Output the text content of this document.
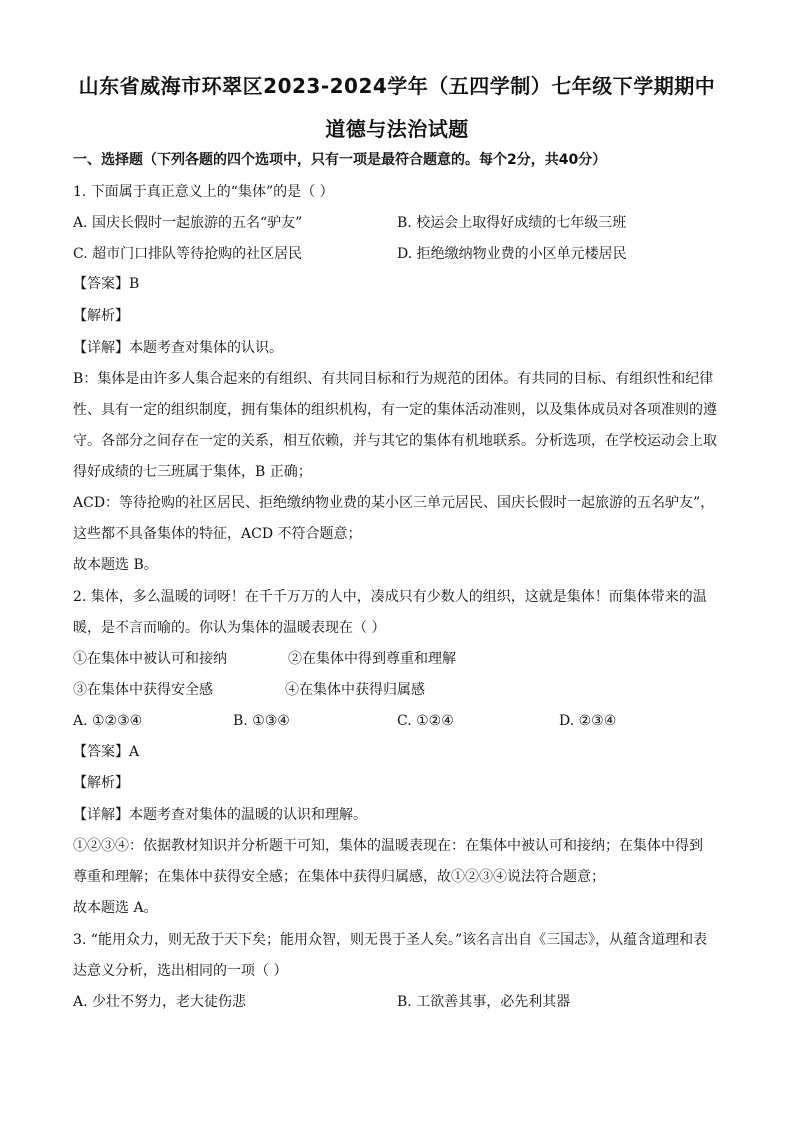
山东省威海市环翠区2023-2024学年（五四学制）七年级下学期期中
道德与法治试题
一、选择题（下列各题的四个选项中，只有一项是最符合题意的。每个2分，共40分）
1. 下面属于真正意义上的“集体”的是（ ）
A. 国庆长假时一起旅游的五名“驴友”	B. 校运会上取得好成绩的七年级三班
C. 超市门口排队等待抢购的社区居民	D. 拒绝缴纳物业费的小区单元楼居民
【答案】B
【解析】
【详解】本题考查对集体的认识。
B：集体是由许多人集合起来的有组织、有共同目标和行为规范的团体。有共同的目标、有组织性和纪律
性、具有一定的组织制度，拥有集体的组织机构，有一定的集体活动准则，以及集体成员对各项准则的遵
守。各部分之间存在一定的关系，相互依赖，并与其它的集体有机地联系。分析选项，在学校运动会上取
得好成绩的七三班属于集体，B 正确；
ACD：等待抢购的社区居民、拒绝缴纳物业费的某小区三单元居民、国庆长假时一起旅游的五名驴友”，
这些都不具备集体的特征，ACD 不符合题意；
故本题选 B。
2. 集体，多么温暖的词呀！在千千万万的人中，凑成只有少数人的组织，这就是集体！而集体带来的温
暖，是不言而喻的。你认为集体的温暖表现在（ ）
①在集体中被认可和接纳	②在集体中得到尊重和理解
③在集体中获得安全感	④在集体中获得归属感
A. ①②③④	B. ①③④	C. ①②④	D. ②③④
【答案】A
【解析】
【详解】本题考查对集体的温暖的认识和理解。
①②③④：依据教材知识并分析题干可知，集体的温暖表现在：在集体中被认可和接纳；在集体中得到
尊重和理解；在集体中获得安全感；在集体中获得归属感，故①②③④说法符合题意；
故本题选 A。
3. “能用众力，则无敌于天下矣；能用众智，则无畏于圣人矣。”该名言出自《三国志》，从蕴含道理和表
达意义分析，选出相同的一项（ ）
A. 少壮不努力，老大徒伤悲	B. 工欲善其事，必先利其器
